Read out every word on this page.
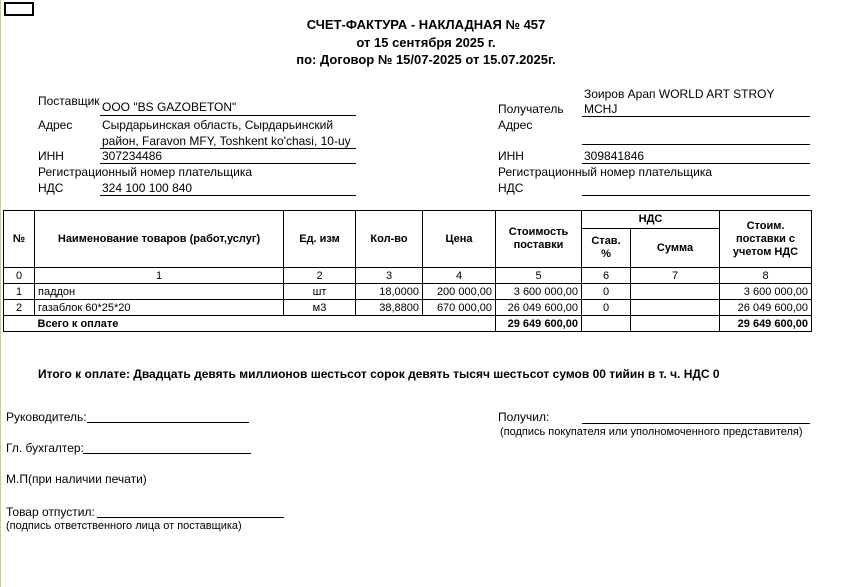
СЧЕТ-ФАКТУРА - НАКЛАДНАЯ № 457
от 15 сентября 2025 г.
по: Договор № 15/07-2025 от 15.07.2025г.
Поставщик ООО "BS GAZOBETON"
Адрес Сырдарьинская область, Сырдарьинский
район, Faravon MFY, Toshkent ko'chasi, 10-uy
ИНН	307234486
Регистрационный номер плательщика
НДС	324 100 100 840
Зоиров Арап WORLD ART STROY
Получатель MCHJ
Адрес
ИНН	309841846
Регистрационный номер плательщика
НДС
№	Наименование товаров (работ,услуг)	Ед. изм	Кол-во	Цена	Стоимость поставки	НДС		Стоим. поставки с учетом НДС
						Став. %	Сумма	
0	1	2	3	4	5	6	7	8
1	паддон	шт	18,0000	200 000,00	3 600 000,00	0		3 600 000,00
2	газаблок 60*25*20	м3	38,8800	670 000,00	26 049 600,00	0		26 049 600,00
	Всего к оплате				29 649 600,00			29 649 600,00
Итого к оплате: Двадцать девять миллионов шестьсот сорок девять тысяч шестьсот сумов 00 тийин в т. ч. НДС 0
Руководитель:
Гл. бухгалтер:
М.П(при наличии печати)
Товар отпустил:
(подпись ответственного лица от поставщика)
Получил:
(подпись покупателя или уполномоченного представителя)
